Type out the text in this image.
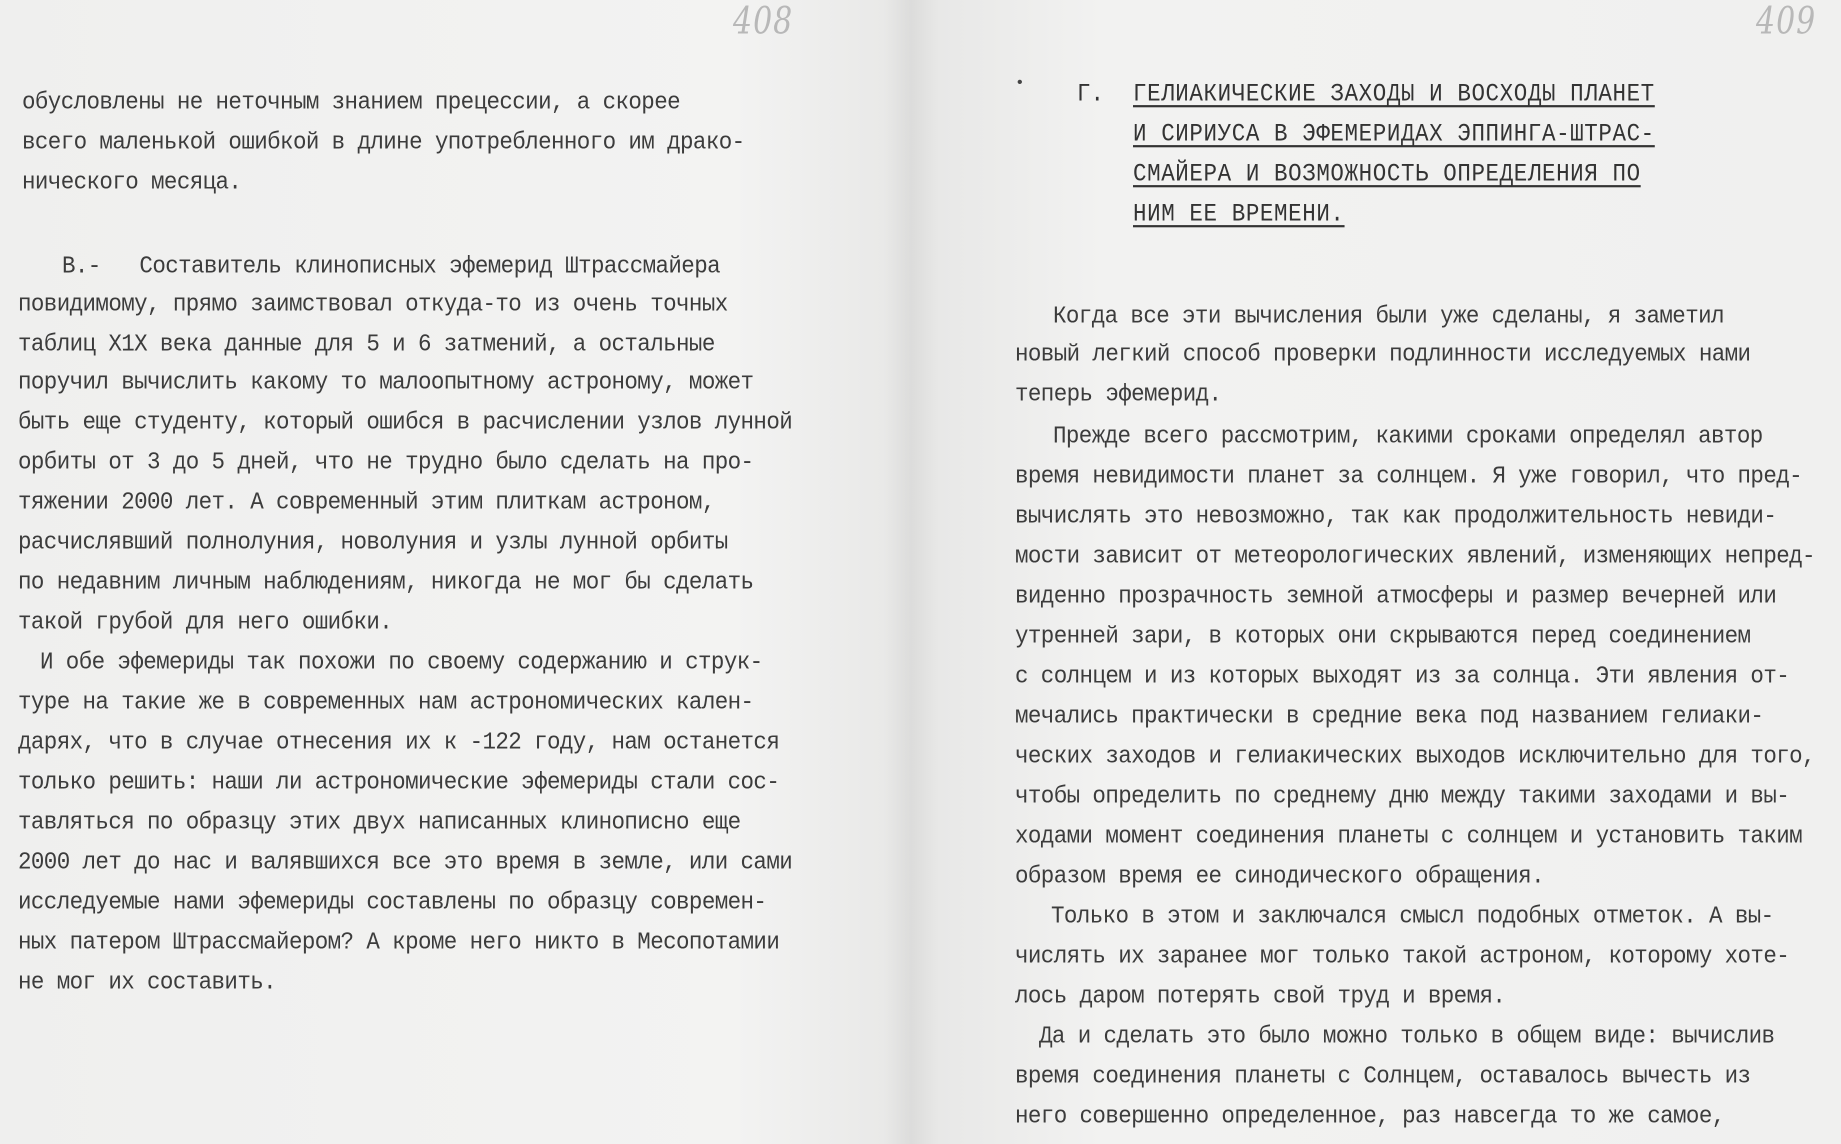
408	409
обусловлены не неточным знанием прецессии, а скорее
всего маленькой ошибкой в длине употребленного им драко-
нического месяца.
В.-   Составитель клинописных эфемерид Штрассмайера
повидимому, прямо заимствовал откуда-то из очень точных
таблиц X1X века данные для 5 и 6 затмений, а остальные
поручил вычислить какому то малоопытному астроному, может
быть еще студенту, который ошибся в расчислении узлов лунной
орбиты от 3 до 5 дней, что не трудно было сделать на про-
тяжении 2000 лет. А современный этим плиткам астроном,
расчислявший полнолуния, новолуния и узлы лунной орбиты
по недавним личным наблюдениям, никогда не мог бы сделать
такой грубой для него ошибки.
И обе эфемериды так похожи по своему содержанию и струк-
туре на такие же в современных нам астрономических кален-
дарях, что в случае отнесения их к -122 году, нам останется
только решить: наши ли астрономические эфемериды стали сос-
тавляться по образцу этих двух написанных клинописно еще
2000 лет до нас и валявшихся все это время в земле, или сами
исследуемые нами эфемериды составлены по образцу современ-
ных патером Штрассмайером? А кроме него никто в Месопотамии
не мог их составить.
• Г. ГЕЛИАКИЧЕСКИЕ ЗАХОДЫ И ВОСХОДЫ ПЛАНЕТ
И СИРИУСА В ЭФЕМЕРИДАХ ЭППИНГА-ШТРАС-
СМАЙЕРА И ВОЗМОЖНОСТЬ ОПРЕДЕЛЕНИЯ ПО
НИМ ЕЕ ВРЕМЕНИ.
Когда все эти вычисления были уже сделаны, я заметил
новый легкий способ проверки подлинности исследуемых нами
теперь эфемерид.
Прежде всего рассмотрим, какими сроками определял автор
время невидимости планет за солнцем. Я уже говорил, что пред-
вычислять это невозможно, так как продолжительность невиди-
мости зависит от метеорологических явлений, изменяющих непред-
виденно прозрачность земной атмосферы и размер вечерней или
утренней зари, в которых они скрываются перед соединением
с солнцем и из которых выходят из за солнца. Эти явления от-
мечались практически в средние века под названием гелиаки-
ческих заходов и гелиакических выходов исключительно для того,
чтобы определить по среднему дню между такими заходами и вы-
ходами момент соединения планеты с солнцем и установить таким
образом время ее синодического обращения.
Только в этом и заключался смысл подобных отметок. А вы-
числять их заранее мог только такой астроном, которому хоте-
лось даром потерять свой труд и время.
Да и сделать это было можно только в общем виде: вычислив
время соединения планеты с Солнцем, оставалось вычесть из
него совершенно определенное, раз навсегда то же самое,
